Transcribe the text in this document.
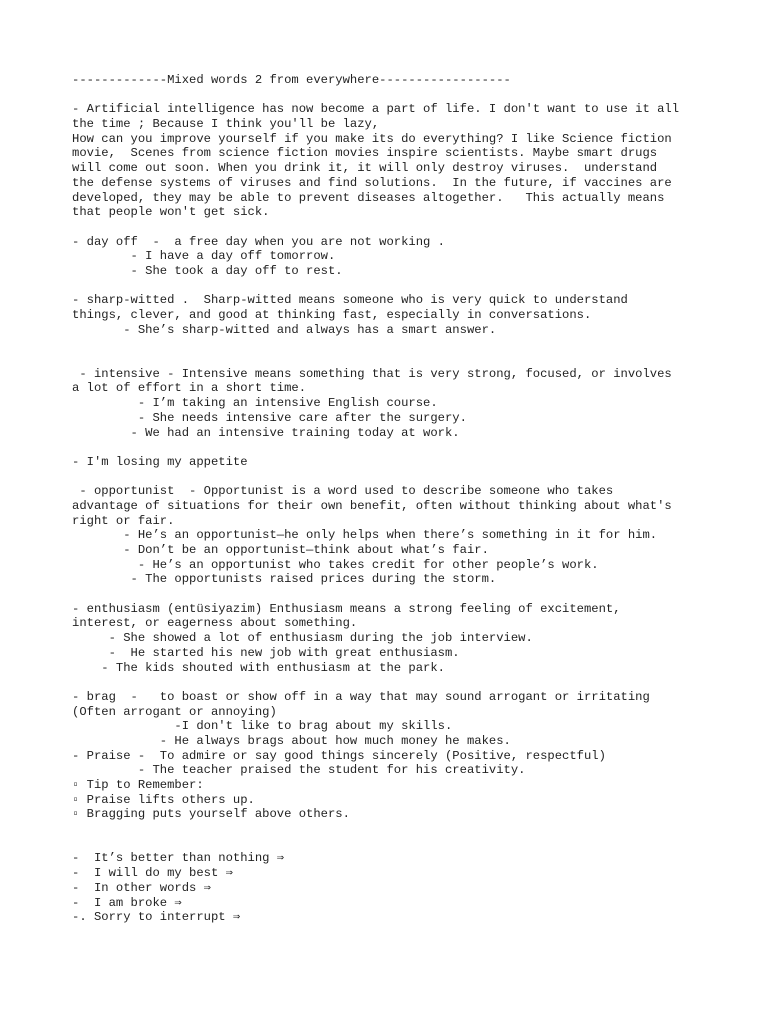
-------------Mixed words 2 from everywhere------------------
- Artificial intelligence has now become a part of life. I don't want to use it all
the time ; Because I think you'll be lazy,
How can you improve yourself if you make its do everything? I like Science fiction
movie,  Scenes from science fiction movies inspire scientists. Maybe smart drugs
will come out soon. When you drink it, it will only destroy viruses.  understand
the defense systems of viruses and find solutions.  In the future, if vaccines are
developed, they may be able to prevent diseases altogether.   This actually means
that people won't get sick.
- day off  -  a free day when you are not working .
- I have a day off tomorrow.
- She took a day off to rest.
- sharp-witted .  Sharp-witted means someone who is very quick to understand
things, clever, and good at thinking fast, especially in conversations.
- She’s sharp-witted and always has a smart answer.
- intensive - Intensive means something that is very strong, focused, or involves
a lot of effort in a short time.
- I’m taking an intensive English course.
- She needs intensive care after the surgery.
- We had an intensive training today at work.
- I'm losing my appetite
- opportunist  - Opportunist is a word used to describe someone who takes
advantage of situations for their own benefit, often without thinking about what's
right or fair.
- He’s an opportunist—he only helps when there’s something in it for him.
- Don’t be an opportunist—think about what’s fair.
- He’s an opportunist who takes credit for other people’s work.
- The opportunists raised prices during the storm.
- enthusiasm (entüsiyazim) Enthusiasm means a strong feeling of excitement,
interest, or eagerness about something.
- She showed a lot of enthusiasm during the job interview.
-  He started his new job with great enthusiasm.
- The kids shouted with enthusiasm at the park.
- brag  -   to boast or show off in a way that may sound arrogant or irritating
(Often arrogant or annoying)
-I don't like to brag about my skills.
- He always brags about how much money he makes.
- Praise -  To admire or say good things sincerely (Positive, respectful)
- The teacher praised the student for his creativity.
▫ Tip to Remember:
▫ Praise lifts others up.
▫ Bragging puts yourself above others.
-  It’s better than nothing ⇒
-  I will do my best ⇒
-  In other words ⇒
-  I am broke ⇒
-. Sorry to interrupt ⇒
